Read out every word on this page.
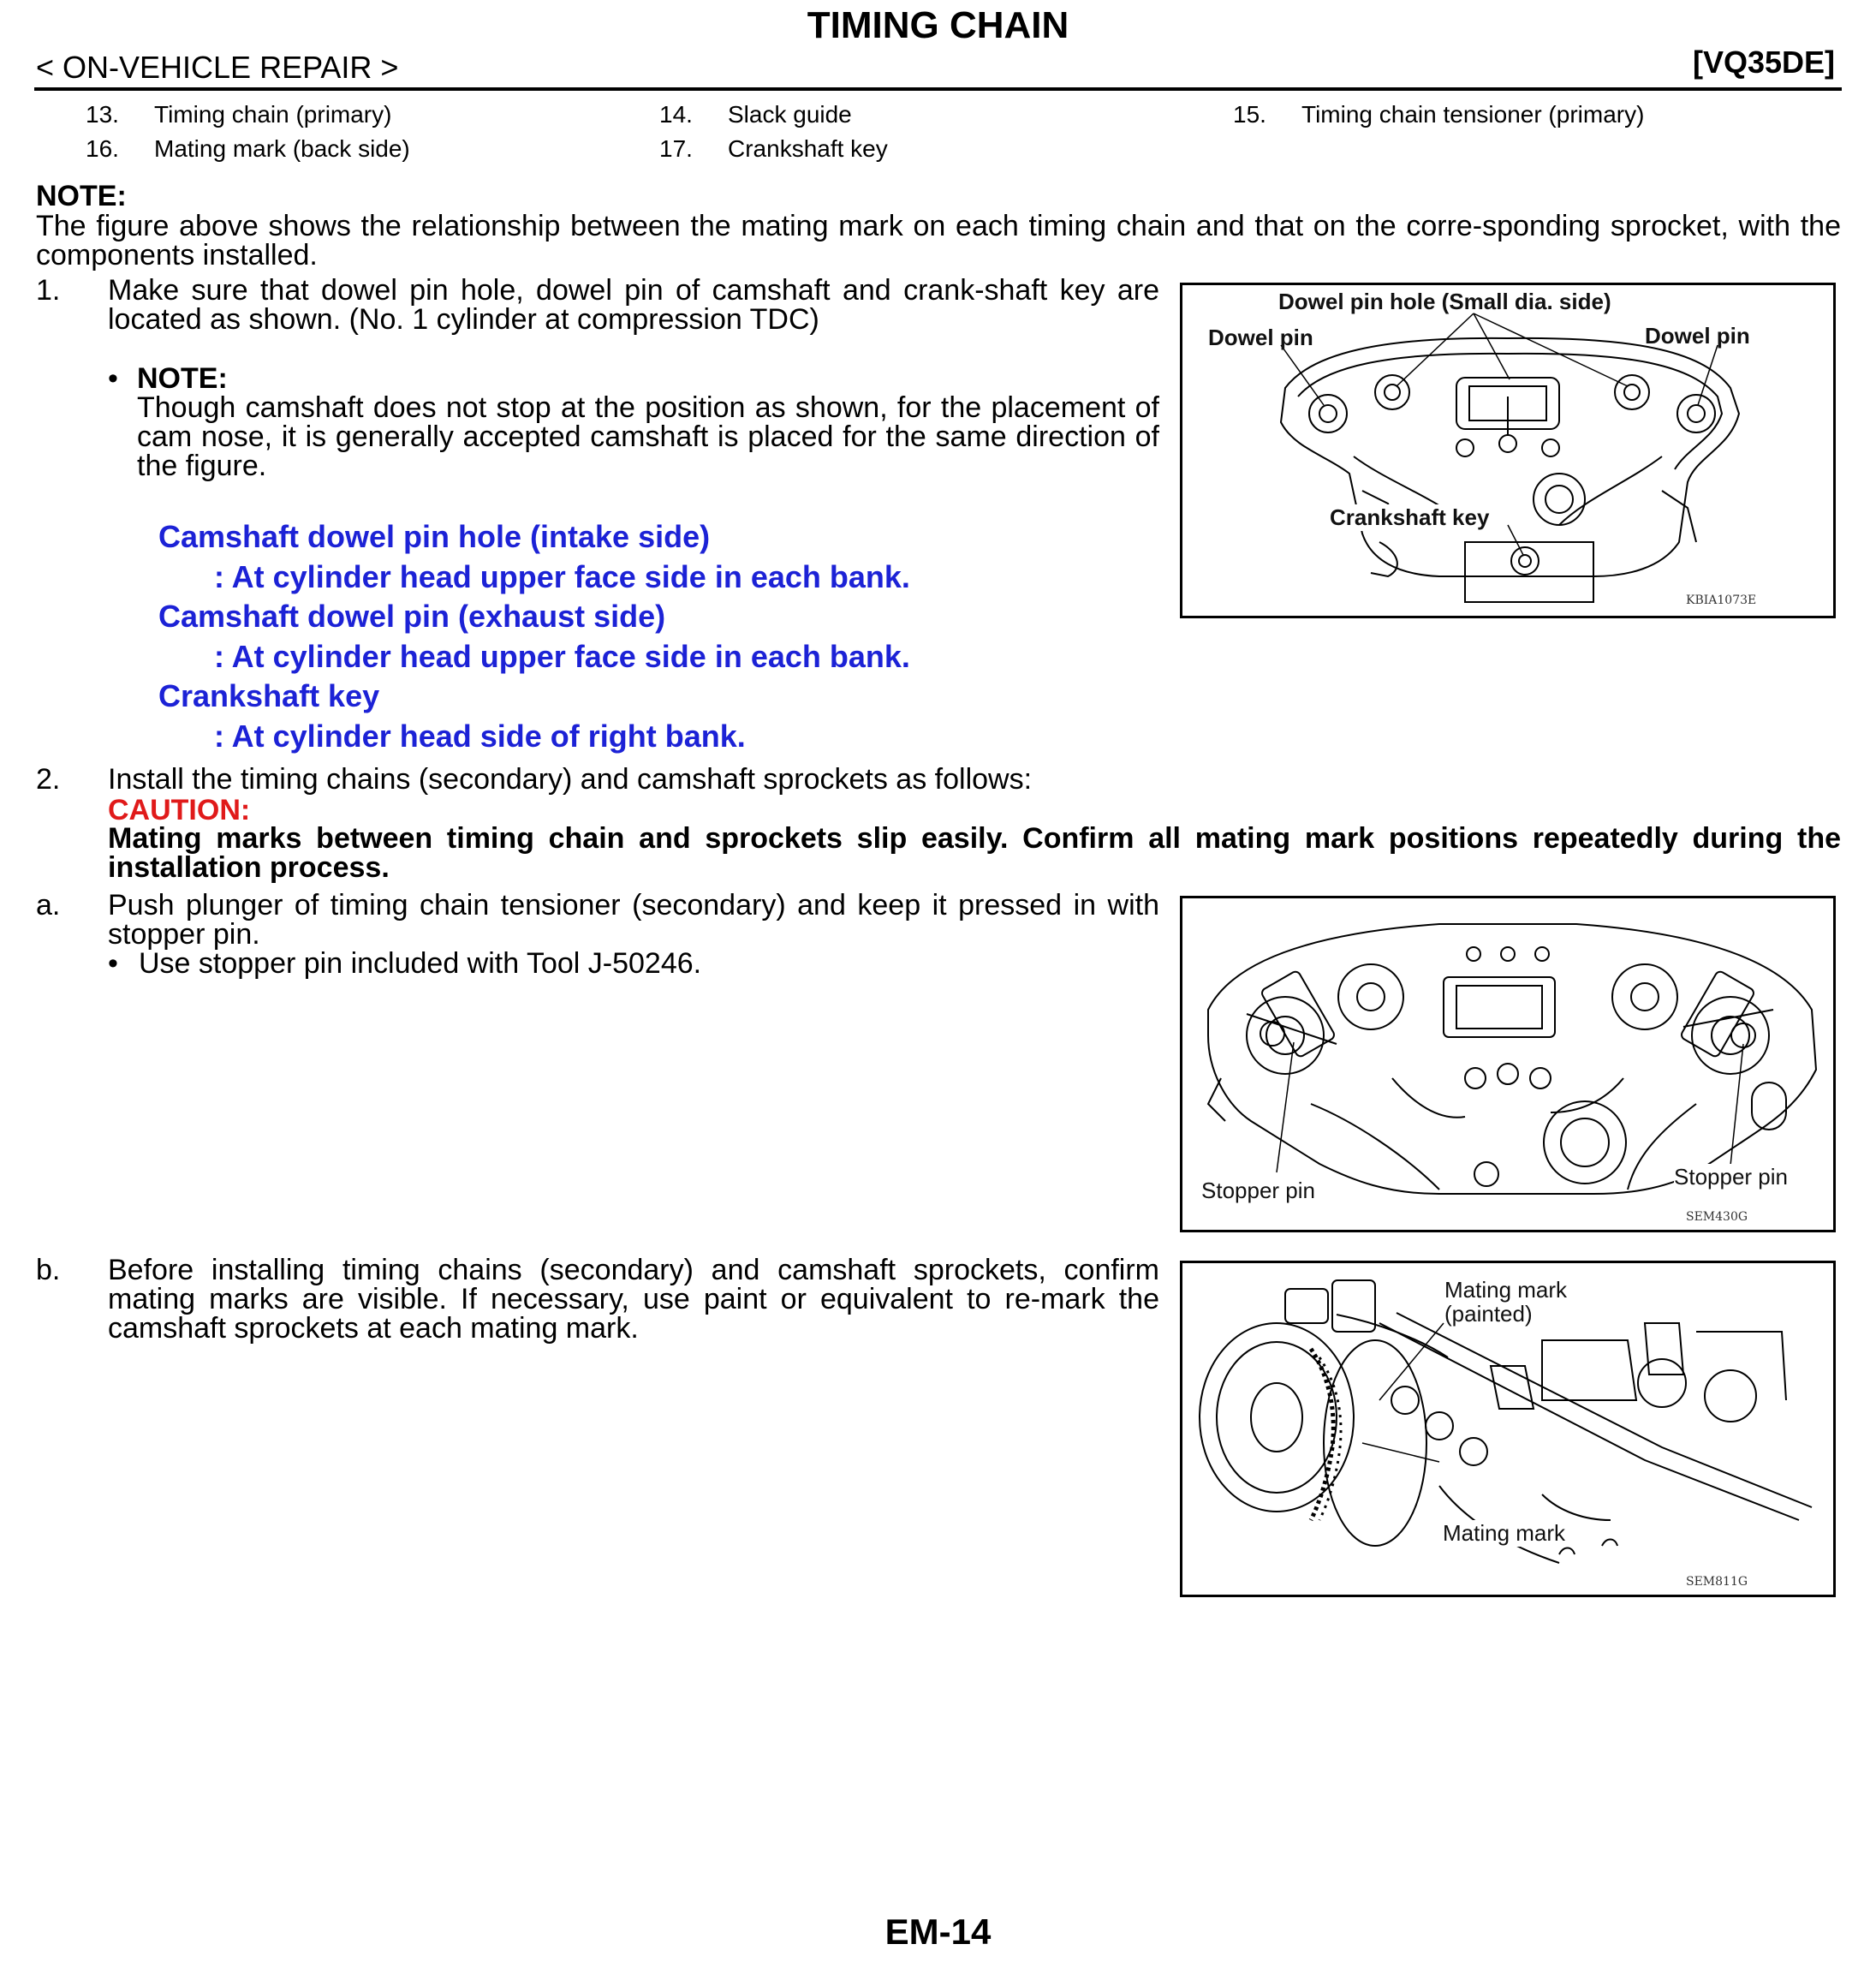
TIMING CHAIN
< ON-VEHICLE REPAIR >	[VQ35DE]
13. Timing chain (primary)	14. Slack guide	15. Timing chain tensioner (primary)
16. Mating mark (back side)	17. Crankshaft key
NOTE:
The figure above shows the relationship between the mating mark on each timing chain and that on the corre-sponding sprocket, with the components installed.
1. Make sure that dowel pin hole, dowel pin of camshaft and crank-shaft key are located as shown. (No. 1 cylinder at compression TDC)
• NOTE:
Though camshaft does not stop at the position as shown, for the placement of cam nose, it is generally accepted camshaft is placed for the same direction of the figure.
Camshaft dowel pin hole (intake side)
: At cylinder head upper face side in each bank.
Camshaft dowel pin (exhaust side)
: At cylinder head upper face side in each bank.
Crankshaft key
: At cylinder head side of right bank.
Dowel pin hole (Small dia. side)
Dowel pin	Dowel pin
Crankshaft key
KBIA1073E
2. Install the timing chains (secondary) and camshaft sprockets as follows:
CAUTION:
Mating marks between timing chain and sprockets slip easily. Confirm all mating mark positions repeatedly during the installation process.
a. Push plunger of timing chain tensioner (secondary) and keep it pressed in with stopper pin.
• Use stopper pin included with Tool J-50246.
Stopper pin
Stopper pin
SEM430G
b. Before installing timing chains (secondary) and camshaft sprockets, confirm mating marks are visible. If necessary, use paint or equivalent to re-mark the camshaft sprockets at each mating mark.
Mating mark
(painted)
Mating mark
SEM811G
EM-14
